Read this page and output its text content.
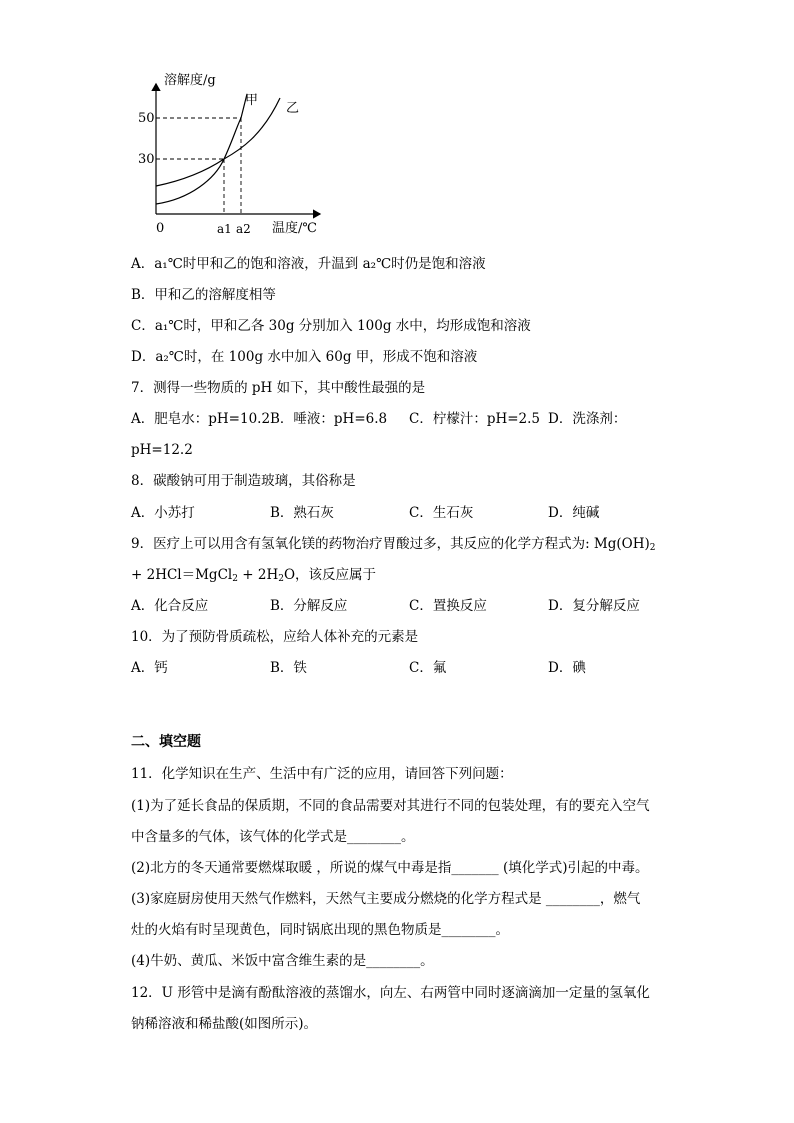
溶解度/g
甲
乙
50
30
0	a1 a2 温度/℃
A．a₁℃时甲和乙的饱和溶液，升温到 a₂℃时仍是饱和溶液
B．甲和乙的溶解度相等
C．a₁℃时，甲和乙各 30g 分别加入 100g 水中，均形成饱和溶液
D．a₂℃时，在 100g 水中加入 60g 甲，形成不饱和溶液
7．测得一些物质的 pH 如下，其中酸性最强的是
A．肥皂水：pH=10.2 B．唾液：pH=6.8 C．柠檬汁：pH=2.5 D．洗涤剂：
pH=12.2
8．碳酸钠可用于制造玻璃，其俗称是
A．小苏打	B．熟石灰	C．生石灰	D．纯碱
9．医疗上可以用含有氢氧化镁的药物治疗胃酸过多，其反应的化学方程式为: $Mg(OH)_2$
+ 2HCl＝MgCl$_2$ + $2H_2O$，该反应属于
A．化合反应	B．分解反应	C．置换反应	D．复分解反应
10．为了预防骨质疏松，应给人体补充的元素是
A．钙	B．铁	C．氟	D．碘
二、填空题
11．化学知识在生产、生活中有广泛的应用，请回答下列问题：
(1)为了延长食品的保质期，不同的食品需要对其进行不同的包装处理，有的要充入空气
中含量多的气体，该气体的化学式是________。
(2)北方的冬天通常要燃煤取暖 ，所说的煤气中毒是指_______ (填化学式)引起的中毒。
(3)家庭厨房使用天然气作燃料，天然气主要成分燃烧的化学方程式是 ________，燃气
灶的火焰有时呈现黄色，同时锅底出现的黑色物质是________。
(4)牛奶、黄瓜、米饭中富含维生素的是________。
12．U 形管中是滴有酚酞溶液的蒸馏水，向左、右两管中同时逐滴滴加一定量的氢氧化
钠稀溶液和稀盐酸(如图所示)。
